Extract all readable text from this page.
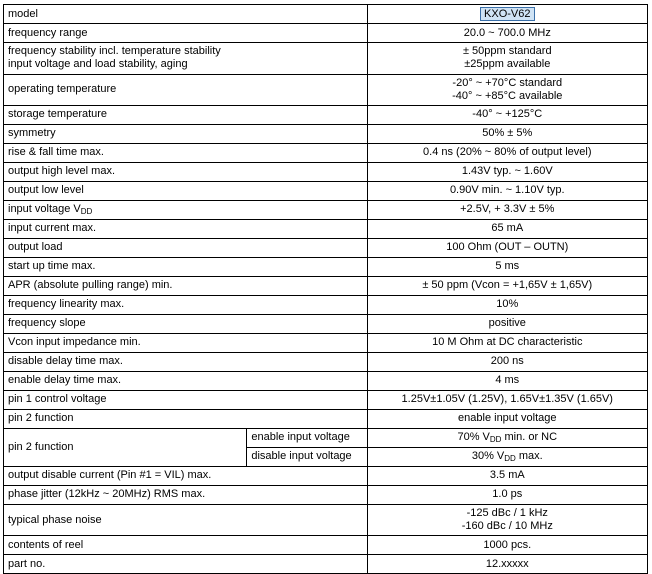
model		KXO-V62
frequency range		20.0 ~ 700.0 MHz

frequency stability incl. temperature stability
input voltage and load stability, aging		± 50ppm standard
±25ppm available

operating temperature		-20° ~ +70°C standard
-40° ~ +85°C available

storage temperature		-40° ~ +125°C
symmetry		50% ± 5%
rise & fall time max.		0.4 ns (20% ~ 80% of output level)
output high level max.		1.43V typ. ~ 1.60V
output low level		0.90V min. ~ 1.10V typ.
input voltage $V_{DD}$		+2.5V, + 3.3V ± 5%
input current max.		65 mA
output load		100 Ohm (OUT – OUTN)
start up time max.		5 ms
APR (absolute pulling range) min.		± 50 ppm (Vcon = +1,65V ± 1,65V)
frequency linearity max.		10%
frequency slope		positive
Vcon input impedance min.		10 M Ohm at DC characteristic
disable delay time max.		200 ns
enable delay time max.		4 ms
pin 1 control voltage		1.25V±1.05V (1.25V), 1.65V±1.35V (1.65V)
pin 2 function		enable input voltage
pin 2 function	enable input voltage	70% $V_{DD}$ min. or NC
	disable input voltage	30% $V_{DD}$ max.
output disable current (Pin #1 = VIL) max.		3.5 mA
phase jitter (12kHz ~ 20MHz) RMS max.		1.0 ps
typical phase noise		-125 dBc / 1 kHz
-160 dBc / 10 MHz

contents of reel		1000 pcs.
part no.		12.xxxxx
